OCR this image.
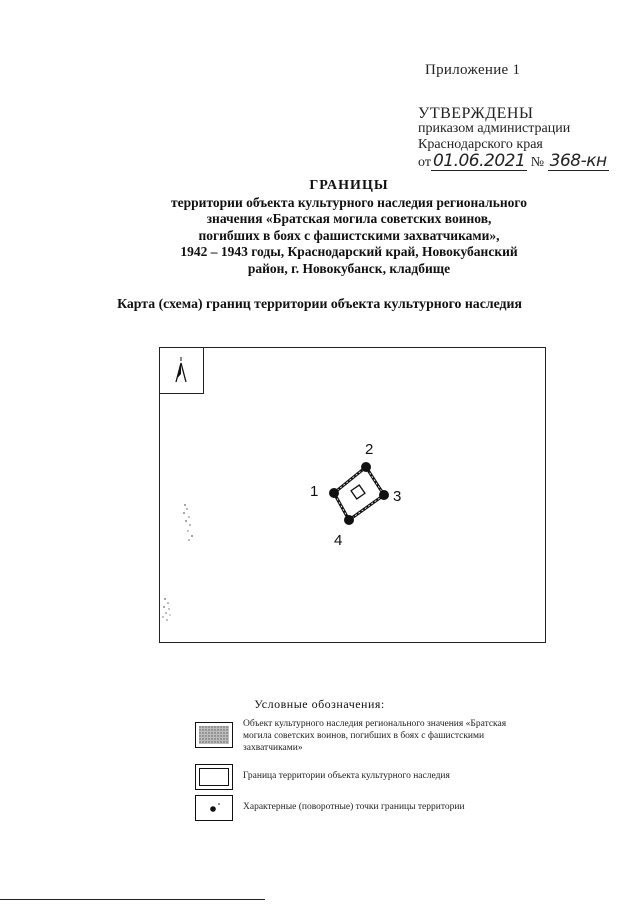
Приложение 1
УТВЕРЖДЕНЫ
приказом администрации
Краснодарского края
от 01.06.2021 № 368-кн
ГРАНИЦЫ
территории объекта культурного наследия регионального
значения «Братская могила советских воинов,
погибших в боях с фашистскими захватчиками»,
1942 – 1943 годы, Краснодарский край, Новокубанский
район, г. Новокубанск, кладбище
Карта (схема) границ территории объекта культурного наследия
1
2
3
4
Условные обозначения:
Объект культурного наследия регионального значения «Братская могила советских воинов, погибших в боях с фашистскими захватчиками»
Граница территории объекта культурного наследия
Характерные (поворотные) точки границы территории
